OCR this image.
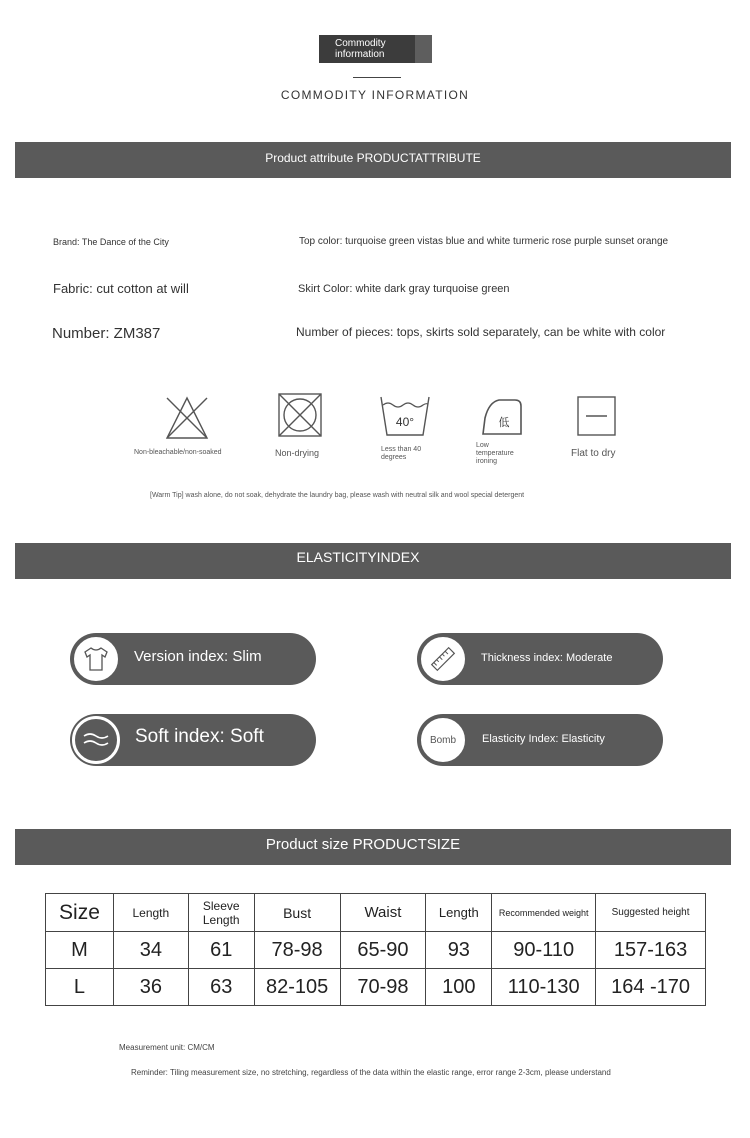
Commodity
information
COMMODITY INFORMATION
Product attribute PRODUCTATTRIBUTE
Brand: The Dance of the City	Top color: turquoise green vistas blue and white turmeric rose purple sunset orange
Fabric: cut cotton at will	Skirt Color: white dark gray turquoise green
Number: ZM387	Number of pieces: tops, skirts sold separately, can be white with color
Non-bleachable/non-soaked	Non-drying
40°
Less than 40 degrees
低
Low temperature ironing
Flat to dry
[Warm Tip] wash alone, do not soak, dehydrate the laundry bag, please wash with neutral silk and wool special detergent
ELASTICITYINDEX
Version index: Slim	Thickness index: Moderate
Soft index: Soft	Bomb Elasticity Index: Elasticity
Product size PRODUCTSIZE
Size	Length	Sleeve Length	Bust	Waist	Length	Recommended weight	Suggested height
M	34	61	78-98	65-90	93	90-110	157-163
L	36	63	82-105	70-98	100	110-130	164 -170
Measurement unit: CM/CM
Reminder: Tiling measurement size, no stretching, regardless of the data within the elastic range, error range 2-3cm, please understand
